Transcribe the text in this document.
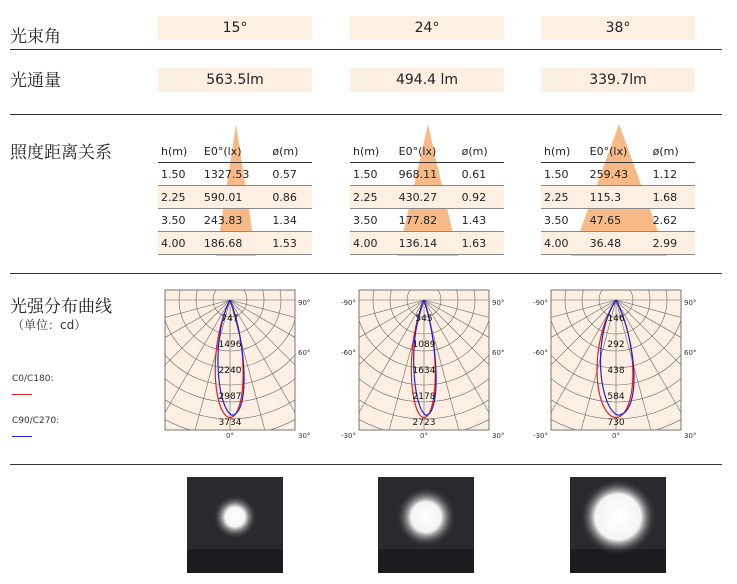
光束角
光通量
照度距离关系
光强分布曲线
（单位：cd）
15°	24°	38°
563.5lm	494.4 lm	339.7lm
h(m)	E0°(lx)	ø(m)
1.50	1327.53	0.57
2.25	590.01	0.86
3.50	243.83	1.34
4.00	186.68	1.53
h(m)	E0°(lx)	ø(m)
1.50	968.11	0.61
2.25	430.27	0.92
3.50	177.82	1.43
4.00	136.14	1.63
h(m)	E0°(lx)	ø(m)
1.50	259.43	1.12
2.25	115.3	1.68
3.50	47.65	2.62
4.00	36.48	2.99
C0/C180:
C90/C270:
747
1496
2240
2987
3734
90°
60°
30°
0°
545
1089
1634
2178
2723
90°
60°
30°
0°
-90°
-60°
-30°
146
292
438
584
730
90°
60°
30°
0°
-90°
-60°
-30°
